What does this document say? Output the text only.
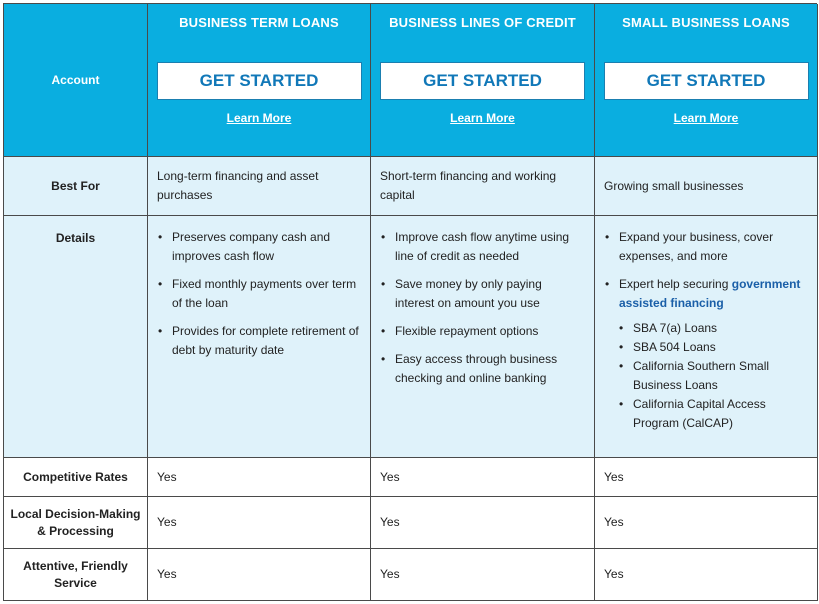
Account
BUSINESS TERM LOANS
GET STARTED
Learn More
BUSINESS LINES OF CREDIT
GET STARTED
Learn More
SMALL BUSINESS LOANS
GET STARTED
Learn More
Best For
Long-term financing and asset purchases
Short-term financing and working capital
Growing small businesses
Details
•	Preserves company cash and improves cash flow
• Fixed monthly payments over term of the loan
• Provides for complete retirement of debt by maturity date
• Improve cash flow anytime using line of credit as needed
• Save money by only paying interest on amount you use
• Flexible repayment options
• Easy access through business checking and online banking
• Expand your business, cover expenses, and more
• Expert help securing government assisted financing
• SBA 7(a) Loans
• SBA 504 Loans
• California Southern Small Business Loans
• California Capital Access Program (CalCAP)
Competitive Rates Yes	Yes	Yes
Local Decision-Making & Processing
Yes	Yes	Yes
Attentive, Friendly Service
Yes	Yes	Yes
